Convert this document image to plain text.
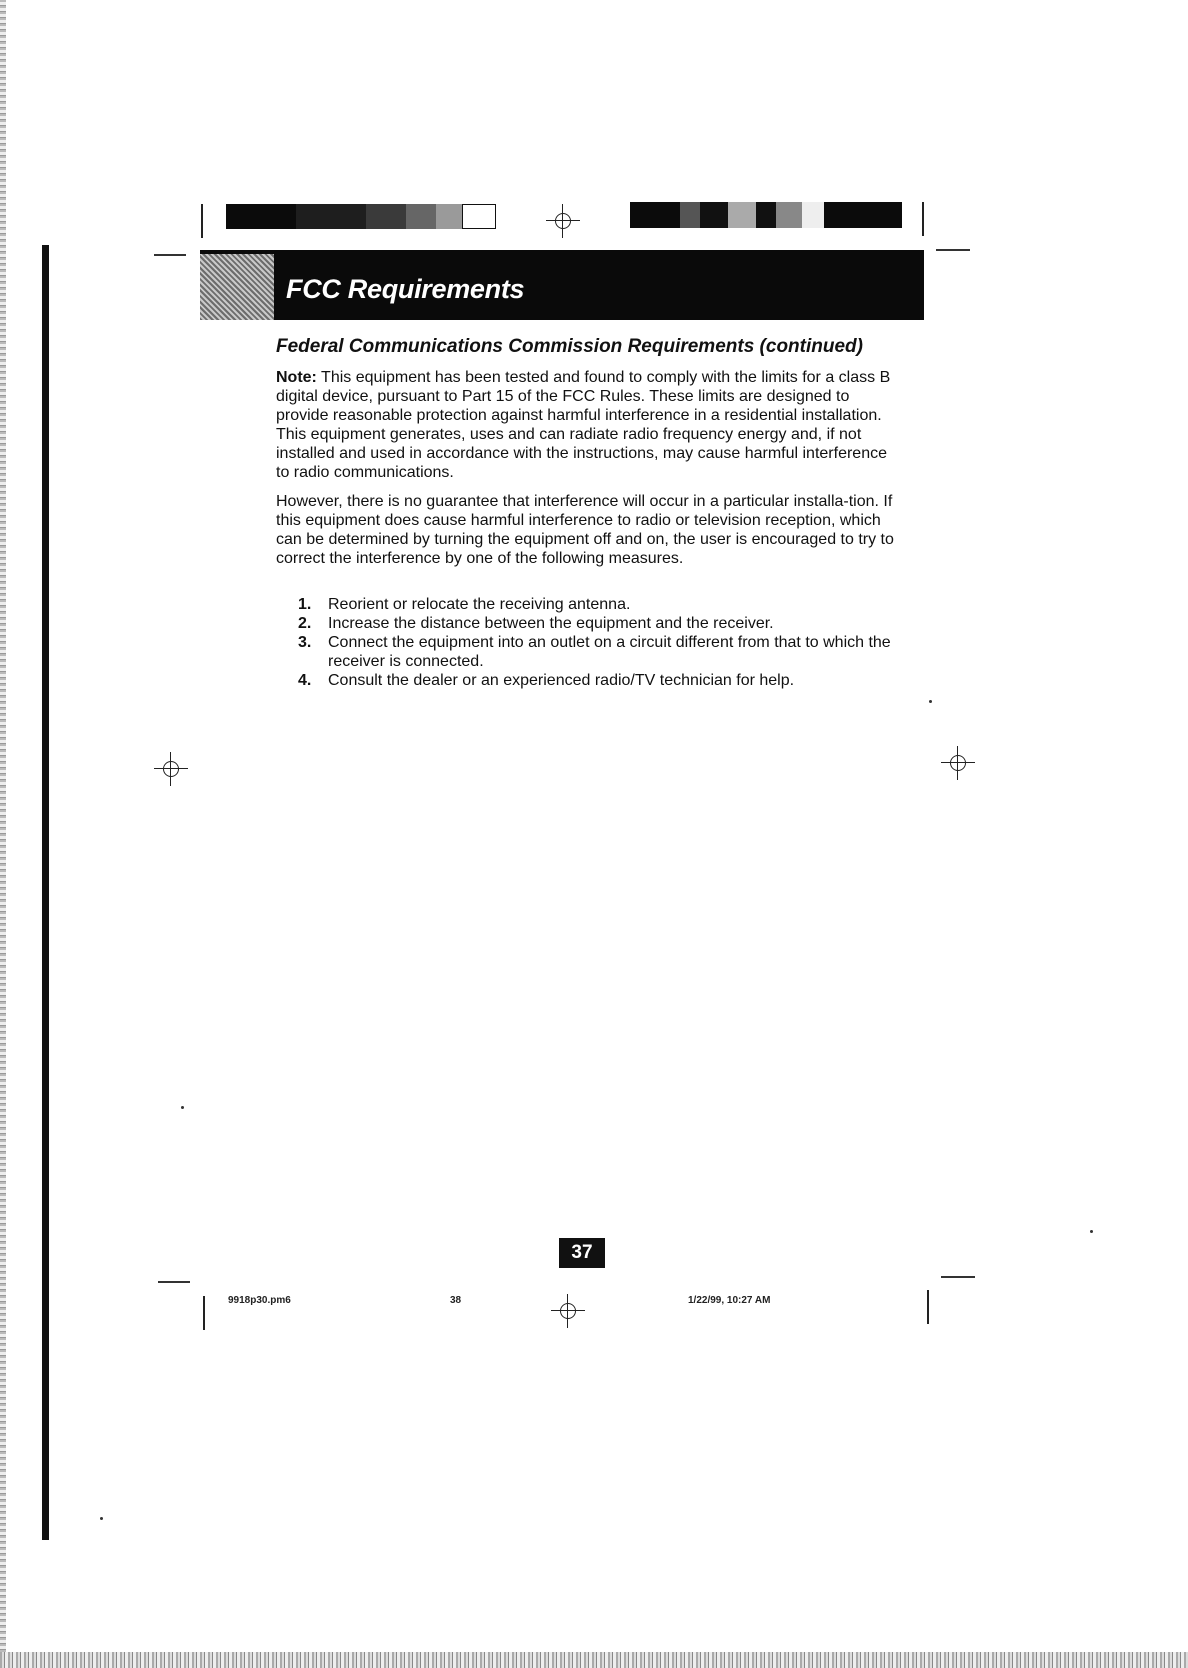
FCC Requirements
Federal Communications Commission Requirements (continued)
Note: This equipment has been tested and found to comply with the limits for a class B digital device, pursuant to Part 15 of the FCC Rules. These limits are designed to provide reasonable protection against harmful interference in a residential installation. This equipment generates, uses and can radiate radio frequency energy and, if not installed and used in accordance with the instructions, may cause harmful interference to radio communications.
However, there is no guarantee that interference will occur in a particular installa-tion. If this equipment does cause harmful interference to radio or television reception, which can be determined by turning the equipment off and on, the user is encouraged to try to correct the interference by one of the following measures.
1.	Reorient or relocate the receiving antenna.
2.	Increase the distance between the equipment and the receiver.
3.	Connect the equipment into an outlet on a circuit different from that to which the receiver is connected.
4.	Consult the dealer or an experienced radio/TV technician for help.
37
9918p30.pm6	38	1/22/99, 10:27 AM
